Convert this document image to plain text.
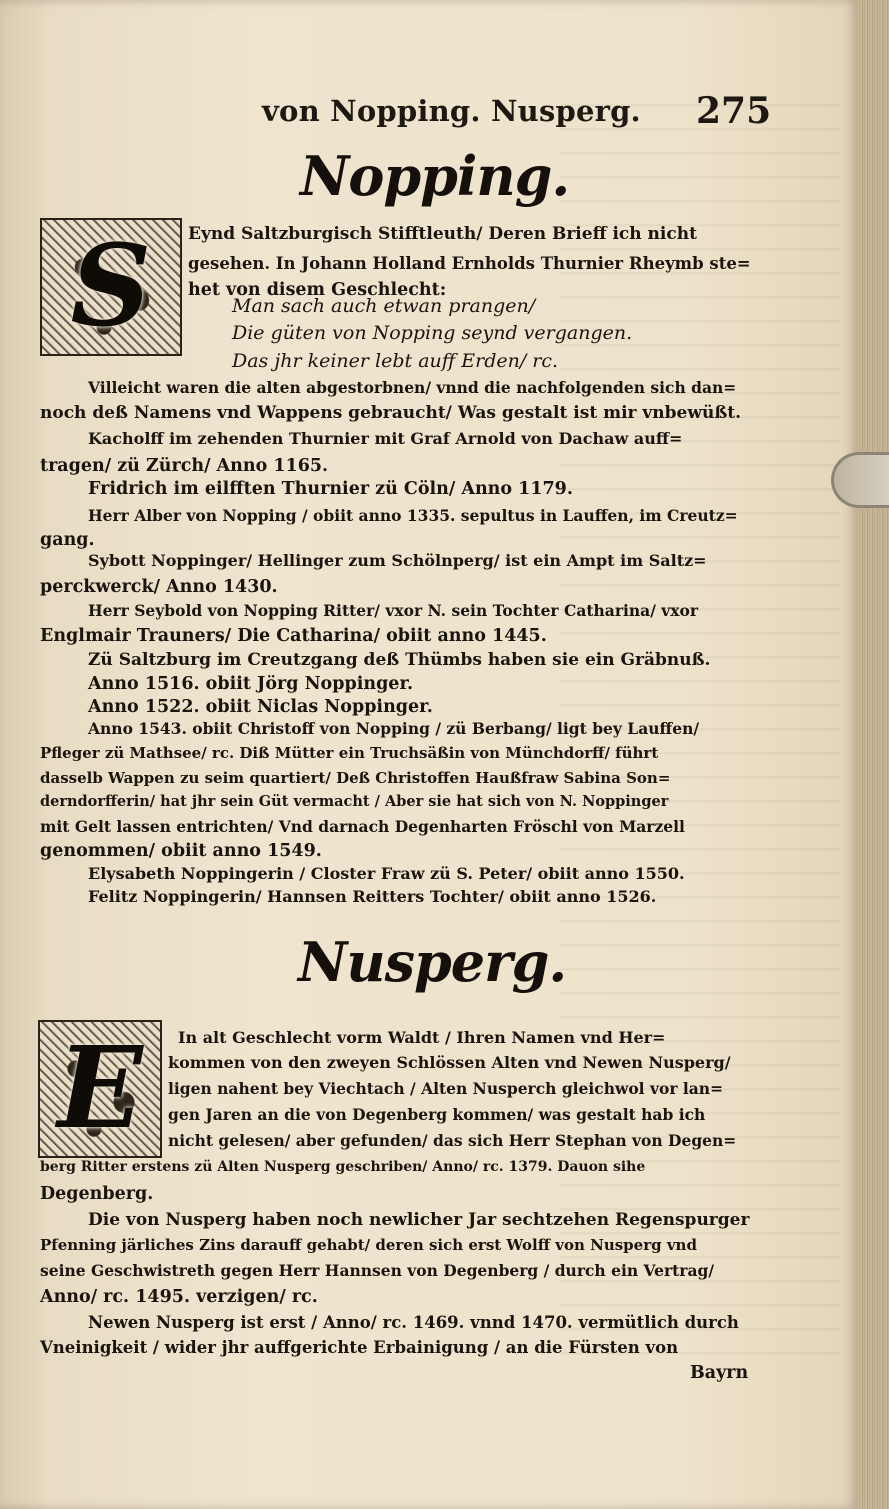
von Nopping. Nusperg. 275
Nopping.
S Eynd Saltzburgisch Stifftleuth/ Deren Brieff ich nicht
gesehen. In Johann Holland Ernholds Thurnier Rheymb ste=
het von disem Geschlecht:
Man sach auch etwan prangen/
Die güten von Nopping seynd vergangen.
Das jhr keiner lebt auff Erden/ rc.
Villeicht waren die alten abgestorbnen/ vnnd die nachfolgenden sich dan=
noch deß Namens vnd Wappens gebraucht/ Was gestalt ist mir vnbewüßt.
Kacholff im zehenden Thurnier mit Graf Arnold von Dachaw auff=
tragen/ zü Zürch/ Anno 1165.
Fridrich im eilfften Thurnier zü Cöln/ Anno 1179.
Herr Alber von Nopping / obiit anno 1335. sepultus in Lauffen, im Creutz=
gang.
Sybott Noppinger/ Hellinger zum Schölnperg/ ist ein Ampt im Saltz=
perckwerck/ Anno 1430.
Herr Seybold von Nopping Ritter/ vxor N. sein Tochter Catharina/ vxor
Englmair Trauners/ Die Catharina/ obiit anno 1445.
Zü Saltzburg im Creutzgang deß Thümbs haben sie ein Gräbnuß.
Anno 1516. obiit Jörg Noppinger.
Anno 1522. obiit Niclas Noppinger.
Anno 1543. obiit Christoff von Nopping / zü Berbang/ ligt bey Lauffen/
Pfleger zü Mathsee/ rc. Diß Mütter ein Truchsäßin von Münchdorff/ führt
dasselb Wappen zu seim quartiert/ Deß Christoffen Haußfraw Sabina Son=
derndorfferin/ hat jhr sein Güt vermacht / Aber sie hat sich von N. Noppinger
mit Gelt lassen entrichten/ Vnd darnach Degenharten Fröschl von Marzell
genommen/ obiit anno 1549.
Elysabeth Noppingerin / Closter Fraw zü S. Peter/ obiit anno 1550.
Felitz Noppingerin/ Hannsen Reitters Tochter/ obiit anno 1526.
Nusperg.
E In alt Geschlecht vorm Waldt / Ihren Namen vnd Her=
kommen von den zweyen Schlössen Alten vnd Newen Nusperg/
ligen nahent bey Viechtach / Alten Nusperch gleichwol vor lan=
gen Jaren an die von Degenberg kommen/ was gestalt hab ich
nicht gelesen/ aber gefunden/ das sich Herr Stephan von Degen=
berg Ritter erstens zü Alten Nusperg geschriben/ Anno/ rc. 1379. Dauon sihe
Degenberg.
Die von Nusperg haben noch newlicher Jar sechtzehen Regenspurger
Pfenning järliches Zins darauff gehabt/ deren sich erst Wolff von Nusperg vnd
seine Geschwistreth gegen Herr Hannsen von Degenberg / durch ein Vertrag/
Anno/ rc. 1495. verzigen/ rc.
Newen Nusperg ist erst / Anno/ rc. 1469. vnnd 1470. vermütlich durch
Vneinigkeit / wider jhr auffgerichte Erbainigung / an die Fürsten von
Bayrn
